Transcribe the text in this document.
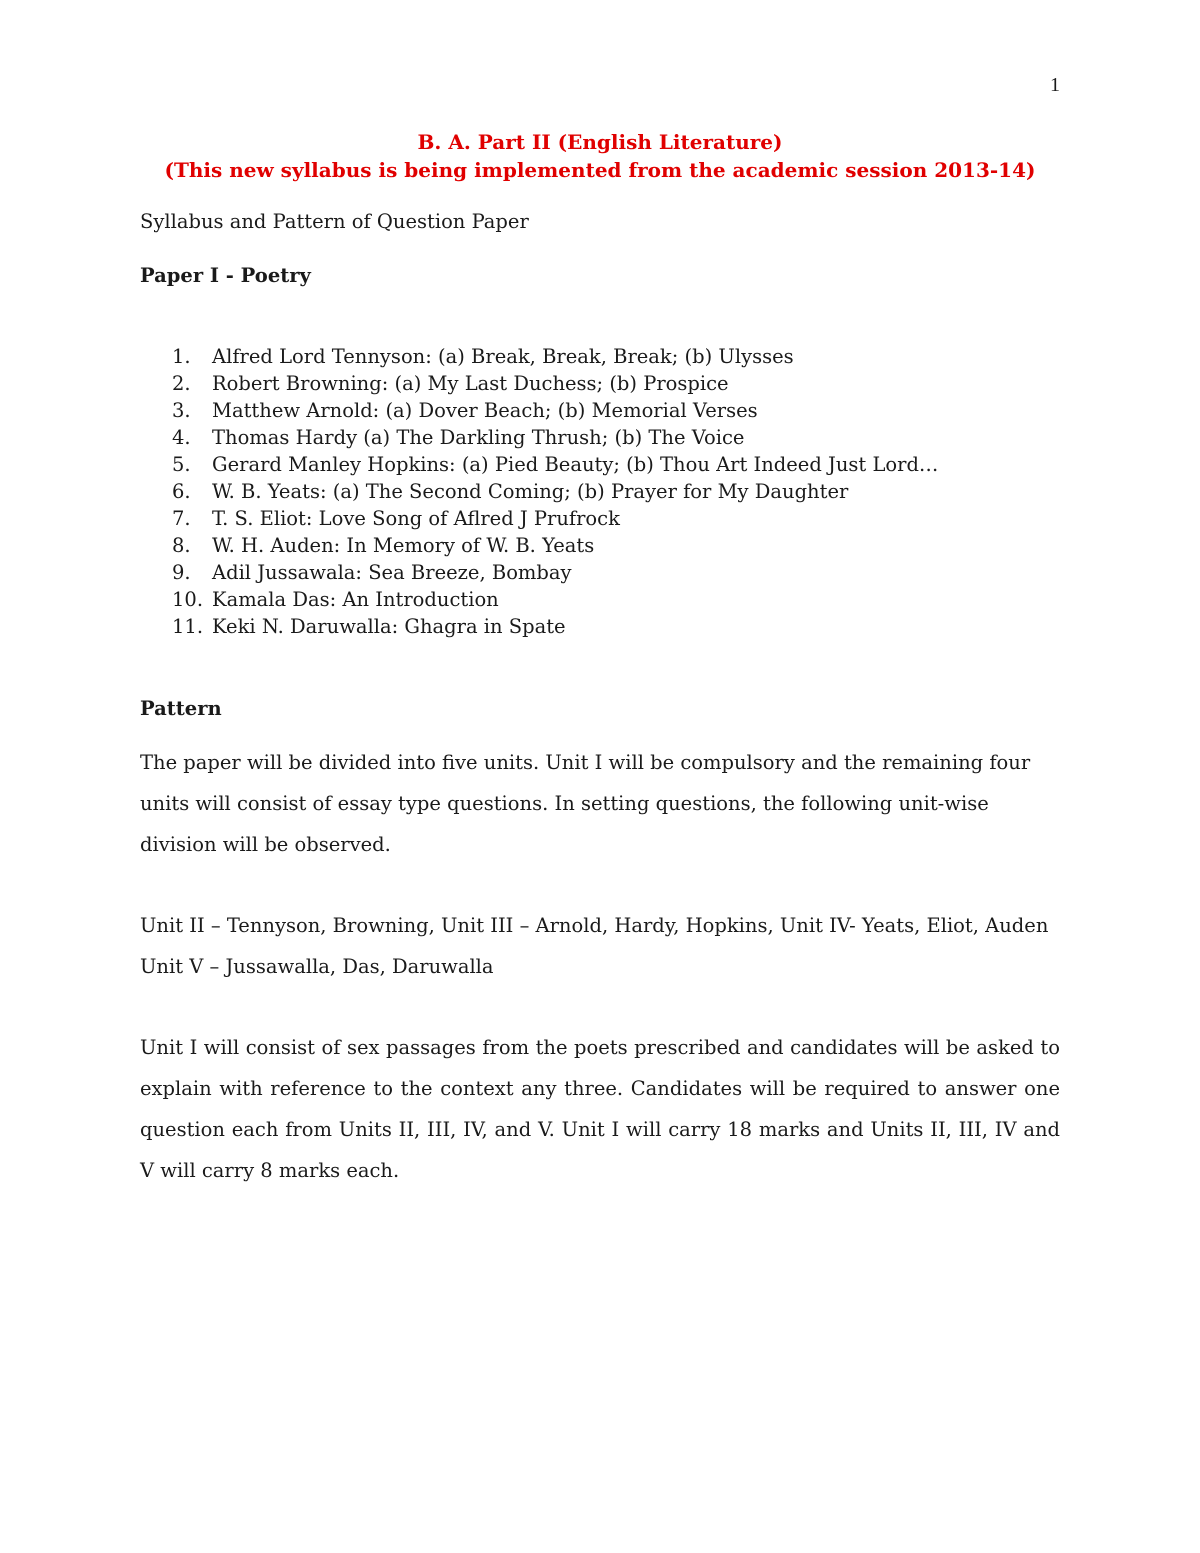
1
B. A. Part II (English Literature)
(This new syllabus is being implemented from the academic session 2013-14)
Syllabus and Pattern of Question Paper
Paper I - Poetry
1.	Alfred Lord Tennyson: (a) Break, Break, Break; (b) Ulysses
2.	Robert Browning: (a) My Last Duchess; (b) Prospice
3.	Matthew Arnold: (a) Dover Beach; (b) Memorial Verses
4.	Thomas Hardy (a) The Darkling Thrush; (b) The Voice
5.	Gerard Manley Hopkins: (a) Pied Beauty; (b) Thou Art Indeed Just Lord…
6.	W. B. Yeats: (a) The Second Coming; (b) Prayer for My Daughter
7.	T. S. Eliot: Love Song of Aflred J Prufrock
8.	W. H. Auden: In Memory of W. B. Yeats
9.	Adil Jussawala: Sea Breeze, Bombay
10. Kamala Das: An Introduction
11. Keki N. Daruwalla: Ghagra in Spate
Pattern
The paper will be divided into five units. Unit I will be compulsory and the remaining four units will consist of essay type questions. In setting questions, the following unit-wise division will be observed.
Unit II – Tennyson, Browning, Unit III – Arnold, Hardy, Hopkins, Unit IV- Yeats, Eliot, Auden Unit V – Jussawalla, Das, Daruwalla
Unit I will consist of sex passages from the poets prescribed and candidates will be asked to explain with reference to the context any three. Candidates will be required to answer one question each from Units II, III, IV, and V. Unit I will carry 18 marks and Units II, III, IV and V will carry 8 marks each.
